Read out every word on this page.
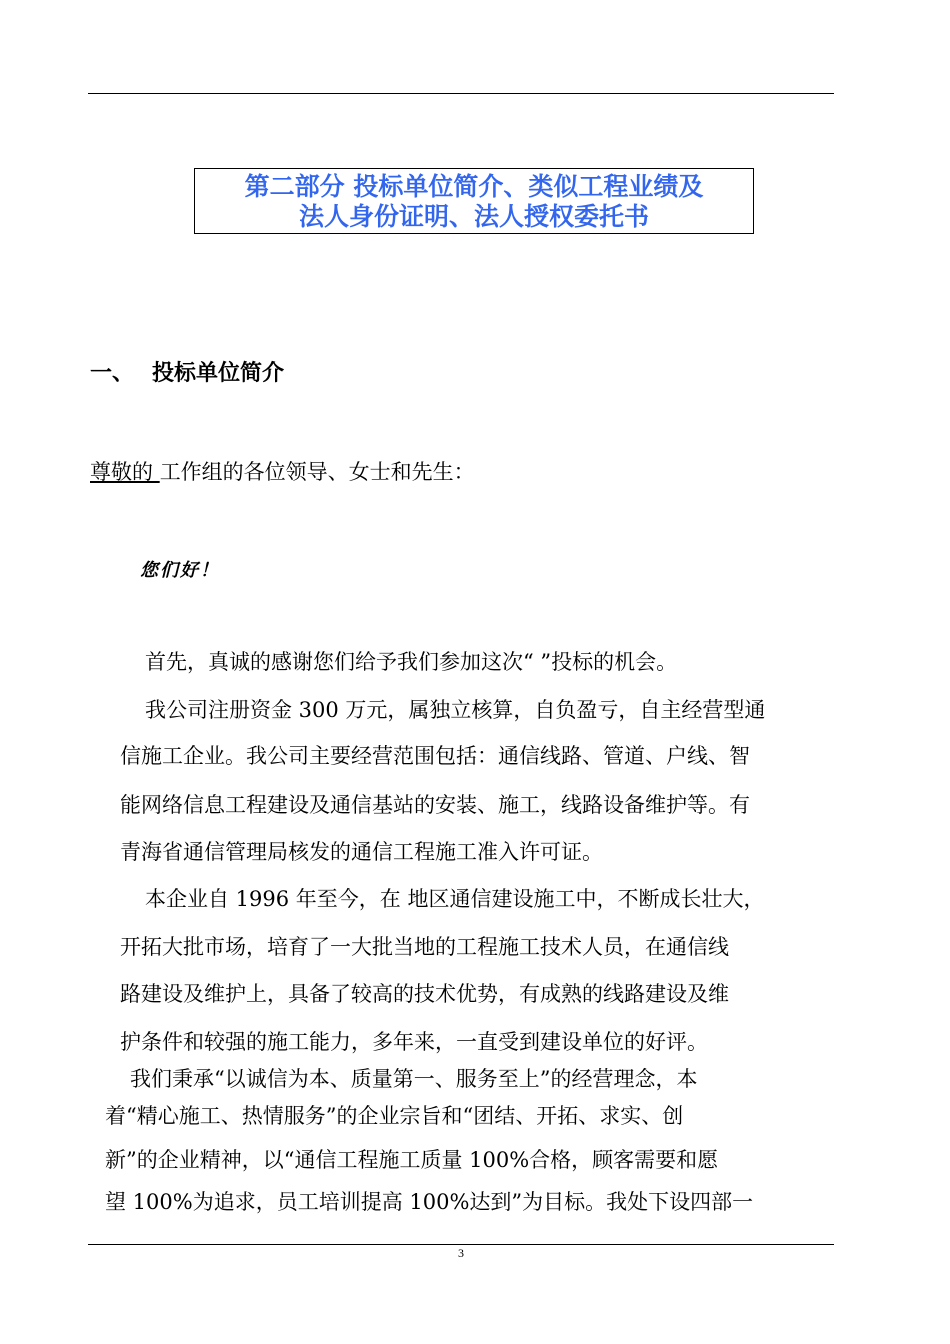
第二部分 投标单位简介、类似工程业绩及
法人身份证明、法人授权委托书
一、 投标单位简介
尊敬的 工作组的各位领导、女士和先生：
您们好！
首先，真诚的感谢您们给予我们参加这次“ ”投标的机会。
我公司注册资金 300 万元，属独立核算，自负盈亏，自主经营型通
信施工企业。我公司主要经营范围包括：通信线路、管道、户线、智
能网络信息工程建设及通信基站的安装、施工，线路设备维护等。有
青海省通信管理局核发的通信工程施工准入许可证。
本企业自 1996 年至今，在 地区通信建设施工中，不断成长壮大，
开拓大批市场，培育了一大批当地的工程施工技术人员，在通信线
路建设及维护上，具备了较高的技术优势，有成熟的线路建设及维
护条件和较强的施工能力，多年来，一直受到建设单位的好评。
我们秉承“以诚信为本、质量第一、服务至上”的经营理念，本
着“精心施工、热情服务”的企业宗旨和“团结、开拓、求实、创
新”的企业精神，以“通信工程施工质量 100%合格，顾客需要和愿
望 100%为追求，员工培训提高 100%达到”为目标。我处下设四部一
3
